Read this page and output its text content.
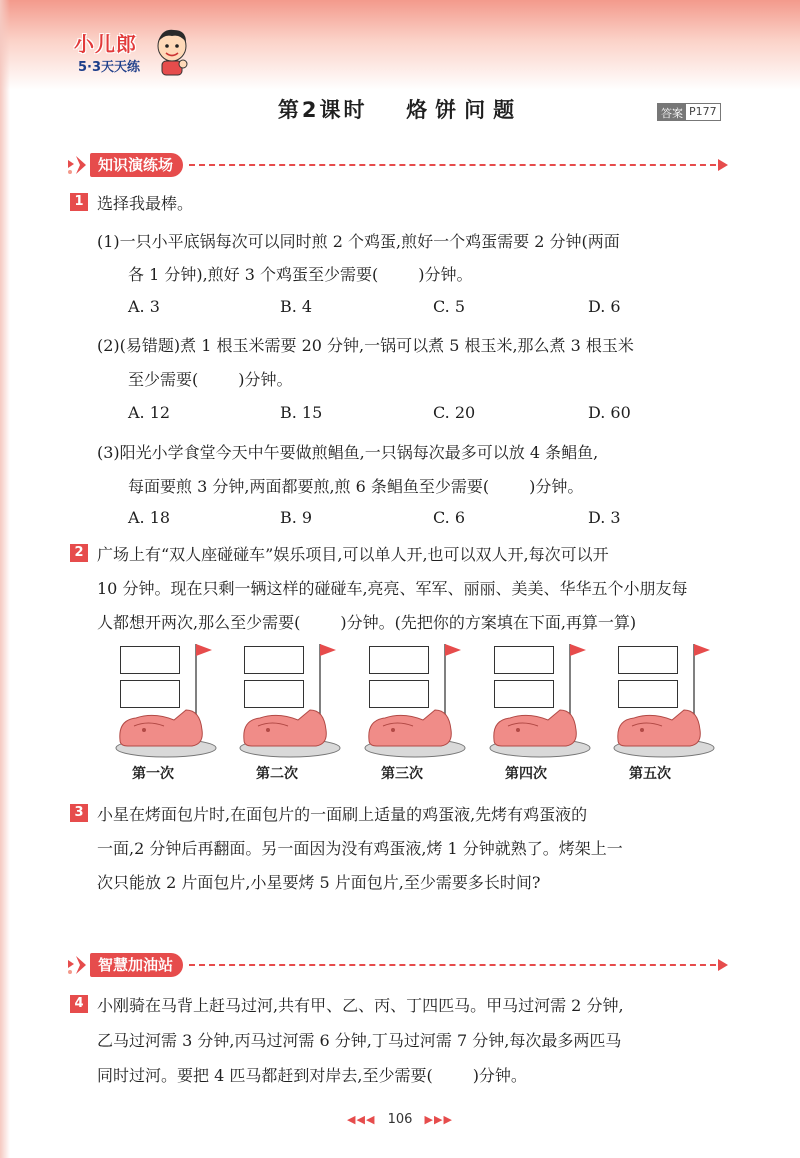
小儿郎
5·3天天练
第2课时 烙饼问题	答案 P177
知识演练场
1 选择我最棒。
(1)一只小平底锅每次可以同时煎 2 个鸡蛋,煎好一个鸡蛋需要 2 分钟(两面
各 1 分钟),煎好 3 个鸡蛋至少需要(	)分钟。
A. 3	B. 4	C. 5	D. 6
(2)(易错题)煮 1 根玉米需要 20 分钟,一锅可以煮 5 根玉米,那么煮 3 根玉米
至少需要(	)分钟。
A. 12	B. 15	C. 20	D. 60
(3)阳光小学食堂今天中午要做煎鲳鱼,一只锅每次最多可以放 4 条鲳鱼,
每面要煎 3 分钟,两面都要煎,煎 6 条鲳鱼至少需要(	)分钟。
A. 18	B. 9	C. 6	D. 3
2 广场上有“双人座碰碰车”娱乐项目,可以单人开,也可以双人开,每次可以开
10 分钟。现在只剩一辆这样的碰碰车,亮亮、军军、丽丽、美美、华华五个小朋友每
人都想开两次,那么至少需要(	)分钟。(先把你的方案填在下面,再算一算)
第一次	第二次	第三次	第四次	第五次
3 小星在烤面包片时,在面包片的一面刷上适量的鸡蛋液,先烤有鸡蛋液的
一面,2 分钟后再翻面。另一面因为没有鸡蛋液,烤 1 分钟就熟了。烤架上一
次只能放 2 片面包片,小星要烤 5 片面包片,至少需要多长时间?
智慧加油站
4 小刚骑在马背上赶马过河,共有甲、乙、丙、丁四匹马。甲马过河需 2 分钟,
乙马过河需 3 分钟,丙马过河需 6 分钟,丁马过河需 7 分钟,每次最多两匹马
同时过河。要把 4 匹马都赶到对岸去,至少需要(	)分钟。
◀◀◀ 106 ▶▶▶
